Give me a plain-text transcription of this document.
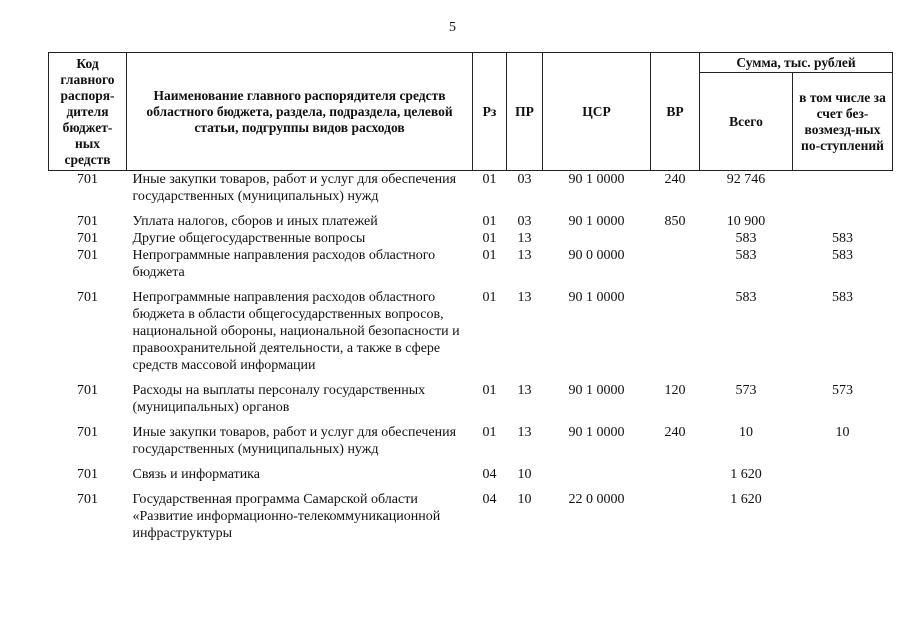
5
Код главного распоря-дителя бюджет-ных средств	Наименование главного распорядителя средств областного бюджета, раздела, подраздела, целевой статьи, подгруппы видов расходов	Рз	ПР	ЦСР	ВР	Сумма, тыс. рублей	
						Всего	в том числе за счет без-возмезд-ных по-ступлений
701	Иные закупки товаров, работ и услуг для обеспечения государственных (муниципальных) нужд	01	03	90 1 0000	240	92 746	
701	Уплата налогов, сборов и иных платежей	01	03	90 1 0000	850	10 900	
701	Другие общегосударственные вопросы	01	13			583	583
701	Непрограммные направления расходов областного бюджета	01	13	90 0 0000		583	583
701	Непрограммные направления расходов областного бюджета в области общегосударственных вопросов, национальной обороны, национальной безопасности и правоохранительной деятельности, а также в сфере средств массовой информации	01	13	90 1 0000		583	583
701	Расходы на выплаты персоналу государственных (муниципальных) органов	01	13	90 1 0000	120	573	573
701	Иные закупки товаров, работ и услуг для обеспечения государственных (муниципальных) нужд	01	13	90 1 0000	240	10	10
701	Связь и информатика	04	10			1 620	
701	Государственная программа Самарской области «Развитие информационно-телекоммуникационной инфраструктуры	04	10	22 0 0000		1 620	
